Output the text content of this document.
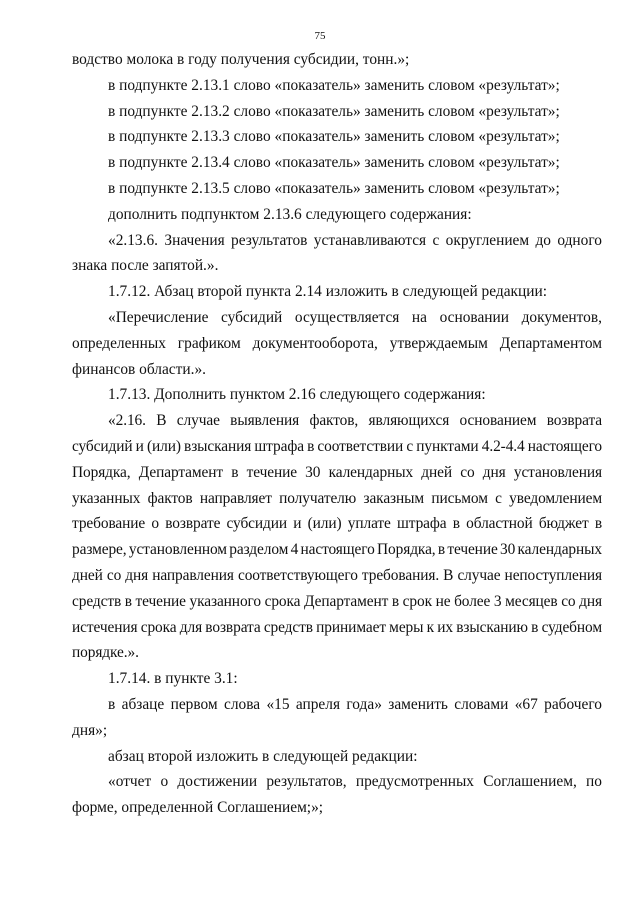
75

водство молока в году получения субсидии, тонн.»;

в подпункте 2.13.1 слово «показатель» заменить словом «результат»;

в подпункте 2.13.2 слово «показатель» заменить словом «результат»;

в подпункте 2.13.3 слово «показатель» заменить словом «результат»;

в подпункте 2.13.4 слово «показатель» заменить словом «результат»;

в подпункте 2.13.5 слово «показатель» заменить словом «результат»;

дополнить подпунктом 2.13.6 следующего содержания:

«2.13.6. Значения результатов устанавливаются с округлением до одного знака после запятой.».

1.7.12. Абзац второй пункта 2.14 изложить в следующей редакции:

«Перечисление субсидий осуществляется на основании документов, определенных графиком документооборота, утверждаемым Департаментом финансов области.».

1.7.13. Дополнить пунктом 2.16 следующего содержания:

«2.16. В случае выявления фактов, являющихся основанием возврата субсидий и (или) взыскания штрафа в соответствии с пунктами 4.2-4.4 настоящего Порядка, Департамент в течение 30 календарных дней со дня установления указанных фактов направляет получателю заказным письмом с уведомлением требование о возврате субсидии и (или) уплате штрафа в областной бюджет в размере, установленном разделом 4 настоящего Порядка, в течение 30 календарных дней со дня направления соответствующего требования. В случае непоступления средств в течение указанного срока Департамент в срок не более 3 месяцев со дня истечения срока для возврата средств принимает меры к их взысканию в судебном порядке.».

1.7.14. в пункте 3.1:

в абзаце первом слова «15 апреля года» заменить словами «67 рабочего дня»;

абзац второй изложить в следующей редакции:

«отчет о достижении результатов, предусмотренных Соглашением, по форме, определенной Соглашением;»;
